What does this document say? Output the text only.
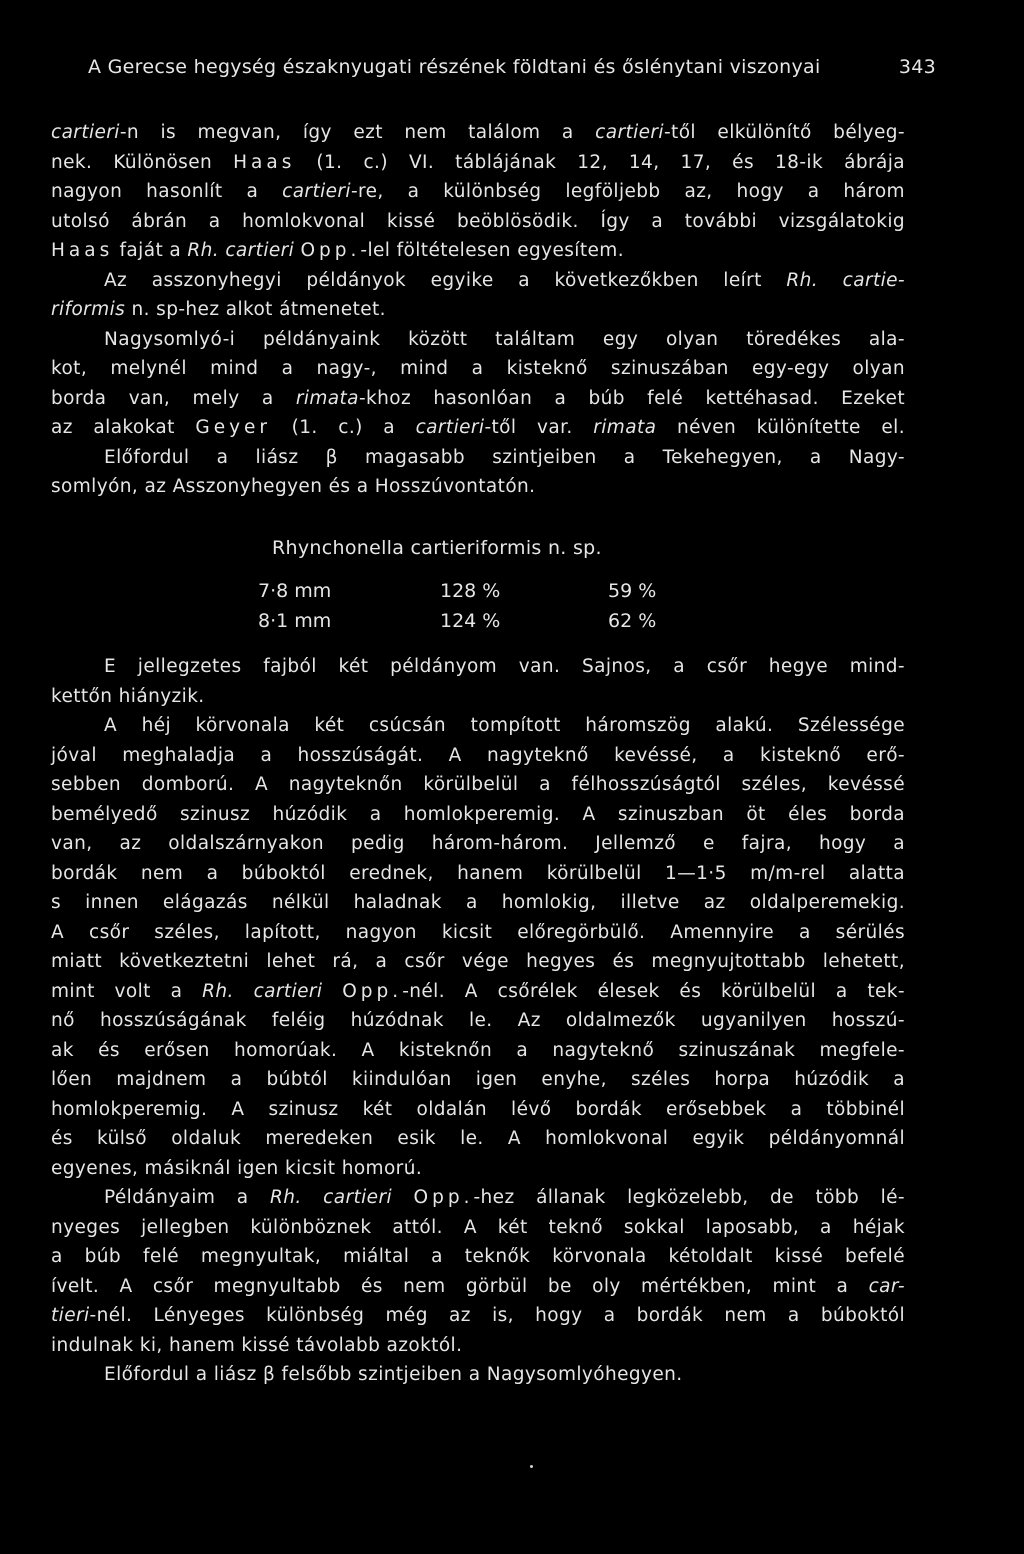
A Gerecse hegység északnyugati részének földtani és őslénytani viszonyai	343
cartieri-n is megvan, így ezt nem találom a cartieri-től elkülönítő bélyeg-
nek. Különösen Haas (1. c.) VI. táblájának 12, 14, 17, és 18-ik ábrája
nagyon hasonlít a cartieri-re, a különbség legföljebb az, hogy a három
utolsó ábrán a homlokvonal kissé beöblösödik. Így a további vizsgálatokig
Haas faját a Rh. cartieri Opp.-lel föltételesen egyesítem.
Az asszonyhegyi példányok egyike a következőkben leírt Rh. cartie-
riformis n. sp-hez alkot átmenetet.
Nagysomlyó-i példányaink között találtam egy olyan töredékes ala-
kot, melynél mind a nagy-, mind a kisteknő szinuszában egy-egy olyan
borda van, mely a rimata-khoz hasonlóan a búb felé kettéhasad. Ezeket
az alakokat Geyer (1. c.) a cartieri-től var. rimata néven különítette el.
Előfordul a liász β magasabb szintjeiben a Tekehegyen, a Nagy-
somlyón, az Asszonyhegyen és a Hosszúvontatón.
Rhynchonella cartieriformis n. sp.
7·8 mm	128 %	59 %
8·1 mm	124 %	62 %
E jellegzetes fajból két példányom van. Sajnos, a csőr hegye mind-
kettőn hiányzik.
A héj körvonala két csúcsán tompított háromszög alakú. Szélessége
jóval meghaladja a hosszúságát. A nagyteknő kevéssé, a kisteknő erő-
sebben domború. A nagyteknőn körülbelül a félhosszúságtól széles, kevéssé
bemélyedő szinusz húzódik a homlokperemig. A szinuszban öt éles borda
van, az oldalszárnyakon pedig három-három. Jellemző e fajra, hogy a
bordák nem a búboktól erednek, hanem körülbelül 1—1·5 m/m-rel alatta
s innen elágazás nélkül haladnak a homlokig, illetve az oldalperemekig.
A csőr széles, lapított, nagyon kicsit előregörbülő. Amennyire a sérülés
miatt következtetni lehet rá, a csőr vége hegyes és megnyujtottabb lehetett,
mint volt a Rh. cartieri Opp.-nél. A csőrélek élesek és körülbelül a tek-
nő hosszúságának feléig húzódnak le. Az oldalmezők ugyanilyen hosszú-
ak és erősen homorúak. A kisteknőn a nagyteknő szinuszának megfele-
lően majdnem a búbtól kiindulóan igen enyhe, széles horpa húzódik a
homlokperemig. A szinusz két oldalán lévő bordák erősebbek a többinél
és külső oldaluk meredeken esik le. A homlokvonal egyik példányomnál
egyenes, másiknál igen kicsit homorú.
Példányaim a Rh. cartieri Opp.-hez állanak legközelebb, de több lé-
nyeges jellegben különböznek attól. A két teknő sokkal laposabb, a héjak
a búb felé megnyultak, miáltal a teknők körvonala kétoldalt kissé befelé
ívelt. A csőr megnyultabb és nem görbül be oly mértékben, mint a car-
tieri-nél. Lényeges különbség még az is, hogy a bordák nem a búboktól
indulnak ki, hanem kissé távolabb azoktól.
Előfordul a liász β felsőbb szintjeiben a Nagysomlyóhegyen.
